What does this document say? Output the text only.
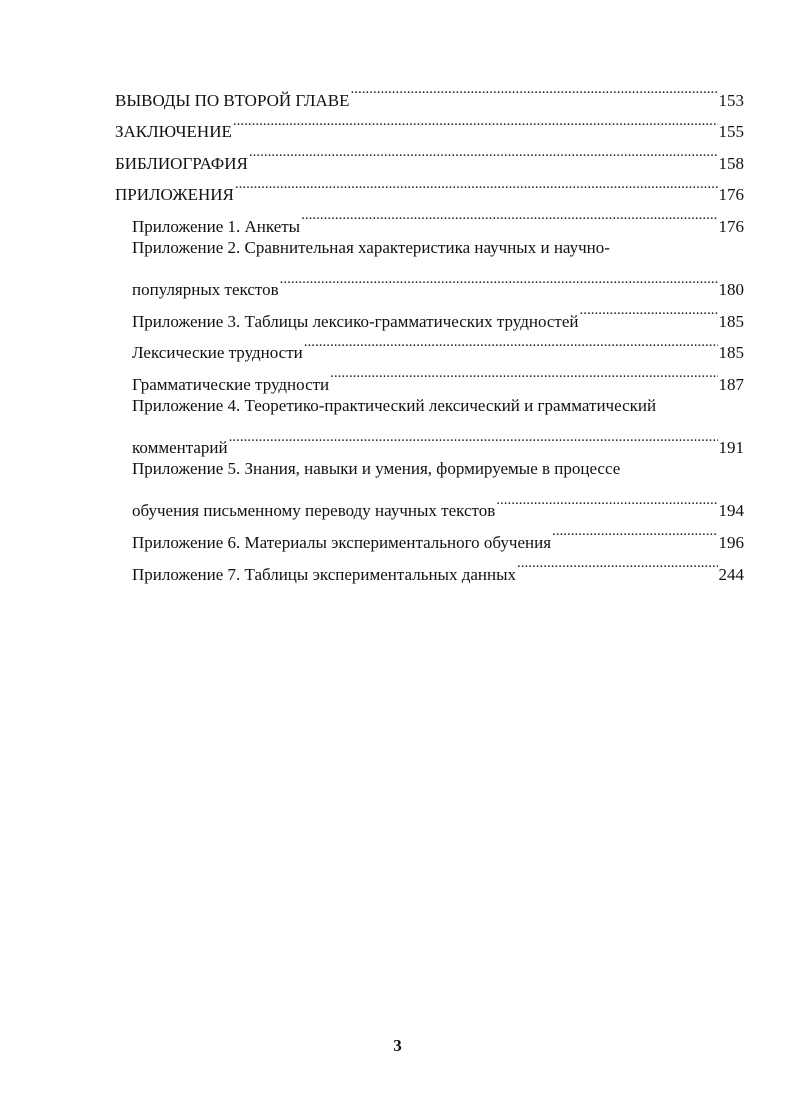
ВЫВОДЫ ПО ВТОРОЙ ГЛАВЕ .....	153
ЗАКЛЮЧЕНИЕ .....	155
БИБЛИОГРАФИЯ .....	158
ПРИЛОЖЕНИЯ .....	176
Приложение 1. Анкеты .....	176
Приложение 2. Сравнительная характеристика научных и научно-
популярных текстов .....	180
Приложение 3. Таблицы лексико-грамматических трудностей .....	185
Лексические трудности .....	185
Грамматические трудности .....	187
Приложение 4. Теоретико-практический лексический и грамматический
комментарий .....	191
Приложение 5. Знания, навыки и умения, формируемые в процессе
обучения письменному переводу научных текстов .....	194
Приложение 6. Материалы экспериментального обучения .....	196
Приложение 7. Таблицы экспериментальных данных .....	244
3
